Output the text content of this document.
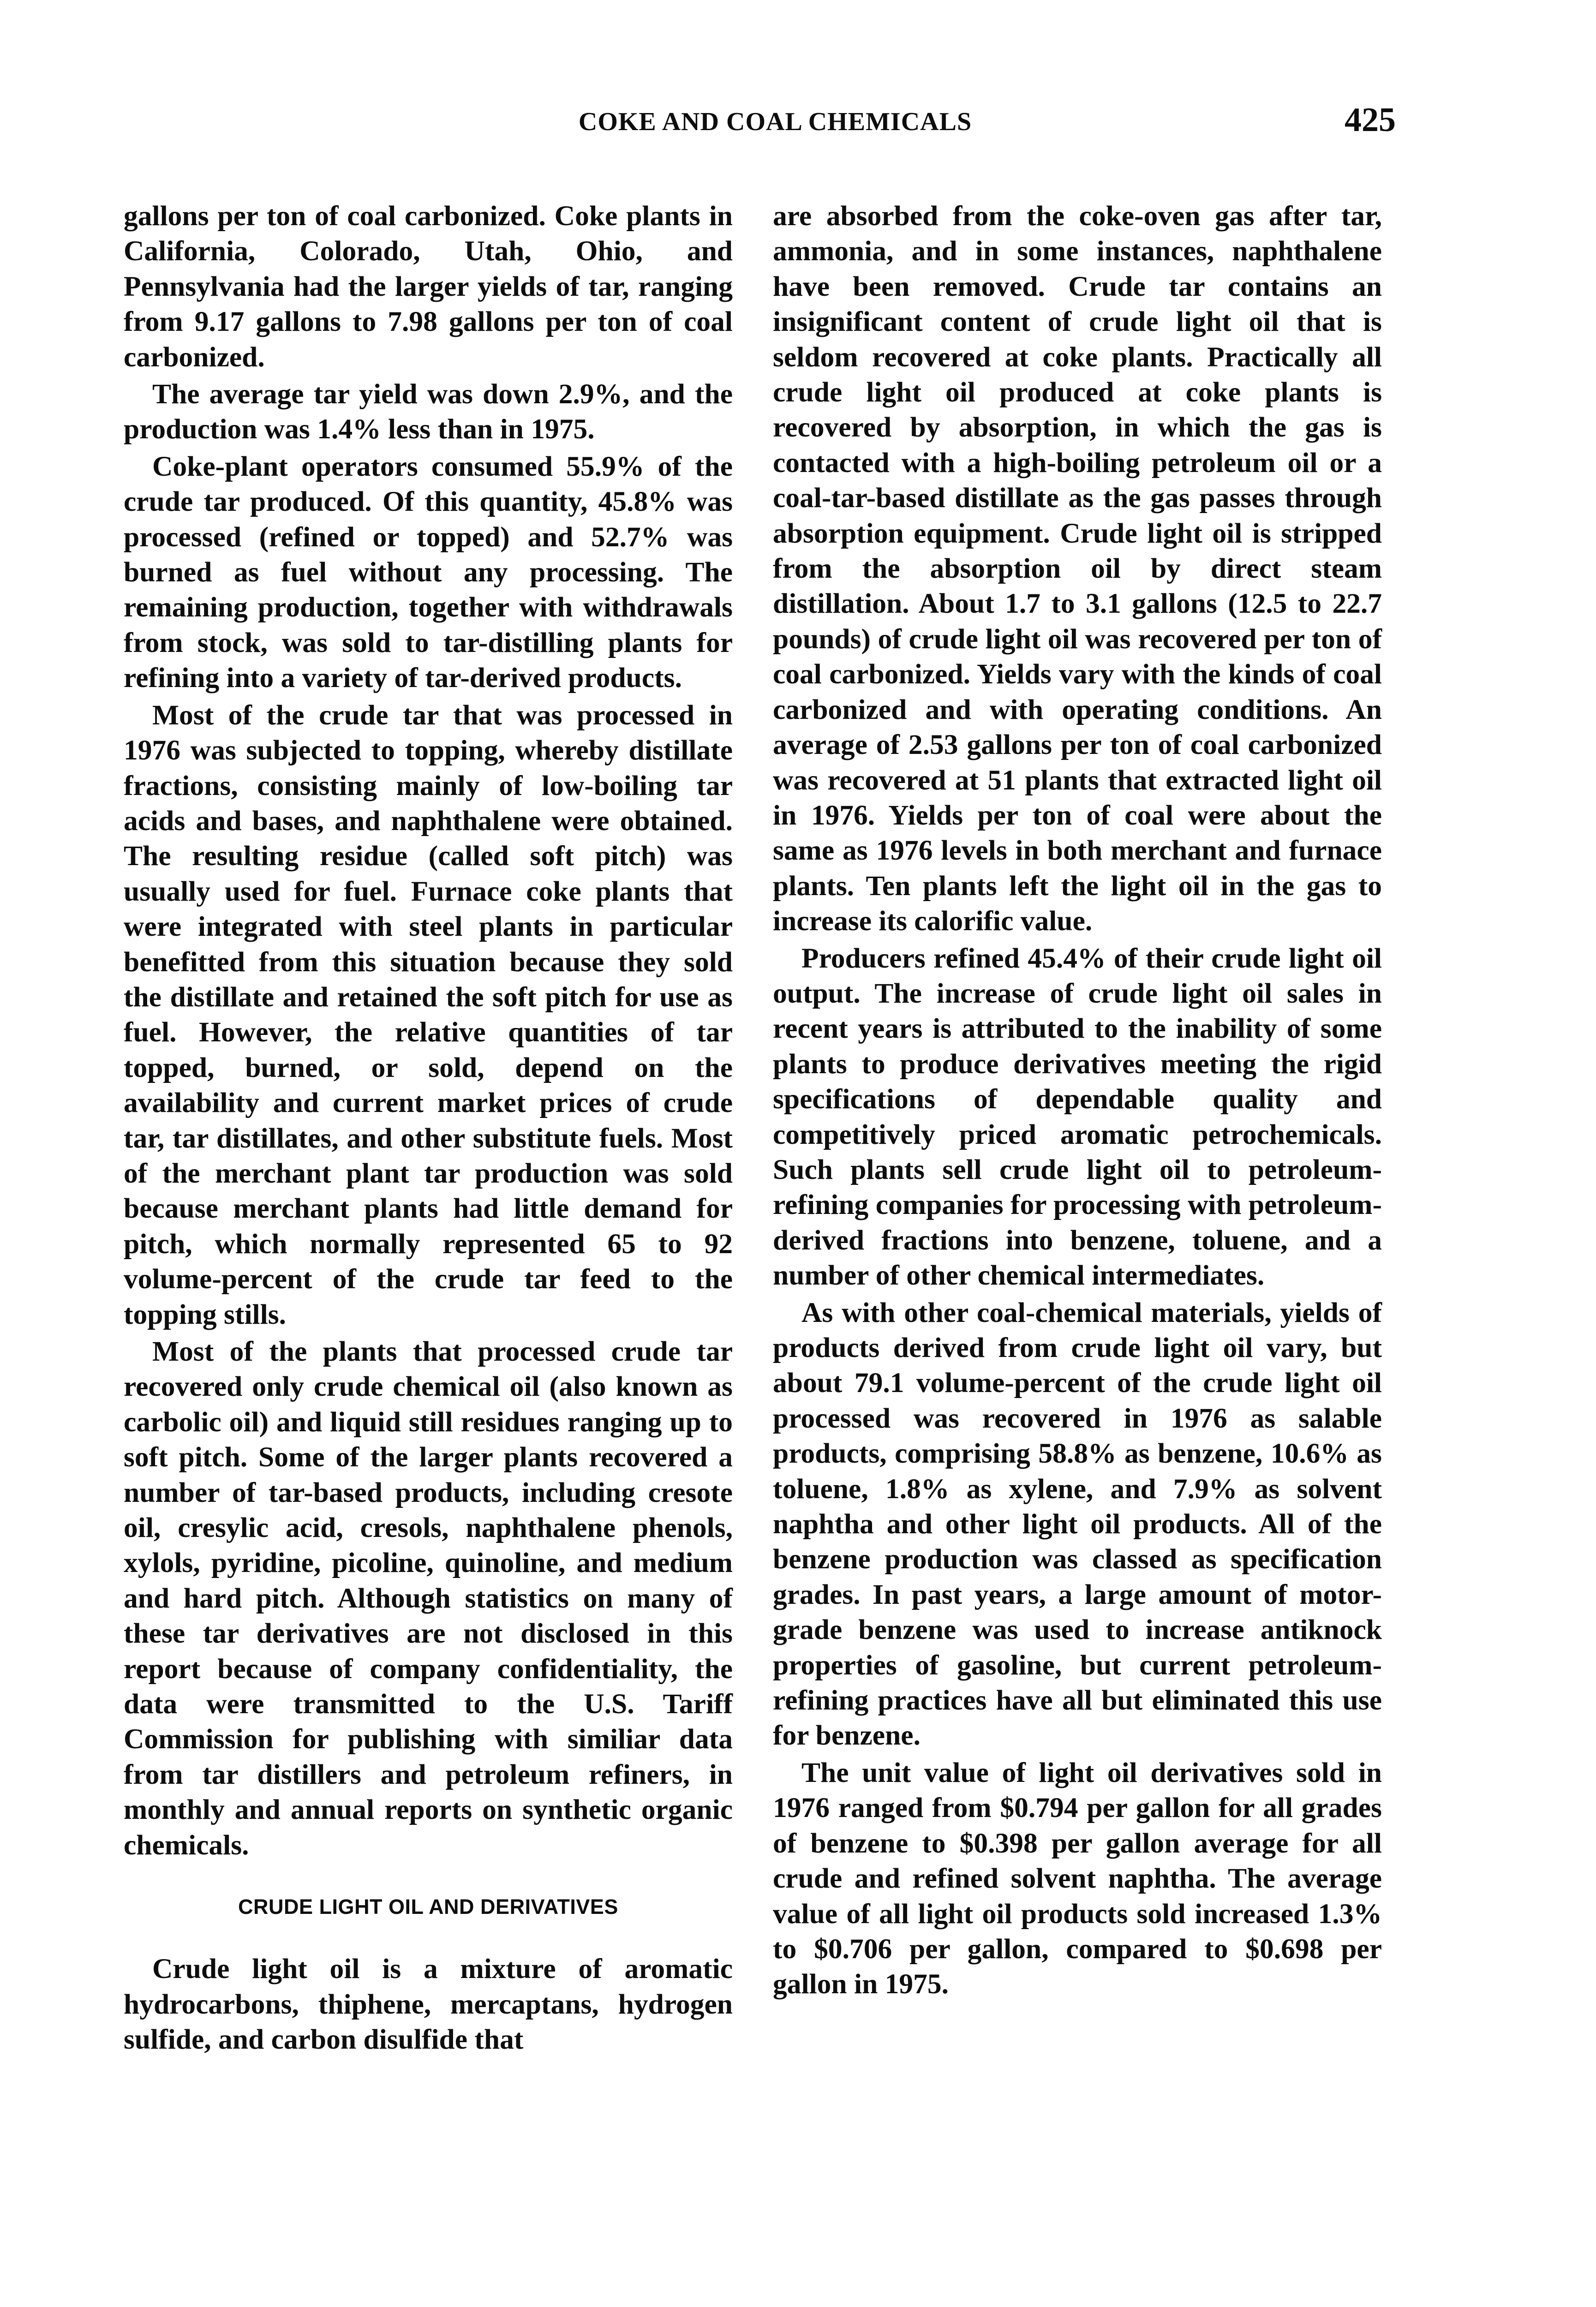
COKE AND COAL CHEMICALS	425

gallons per ton of coal carbonized. Coke plants in California, Colorado, Utah, Ohio, and Pennsylvania had the larger yields of tar, ranging from 9.17 gallons to 7.98 gallons per ton of coal carbonized.

The average tar yield was down 2.9%, and the production was 1.4% less than in 1975.

Coke-plant operators consumed 55.9% of the crude tar produced. Of this quantity, 45.8% was processed (refined or topped) and 52.7% was burned as fuel without any processing. The remaining production, together with withdrawals from stock, was sold to tar-distilling plants for refining into a variety of tar-derived products.

Most of the crude tar that was processed in 1976 was subjected to topping, whereby distillate fractions, consisting mainly of low-boiling tar acids and bases, and naphthalene were obtained. The resulting residue (called soft pitch) was usually used for fuel. Furnace coke plants that were integrated with steel plants in particular benefitted from this situation because they sold the distillate and retained the soft pitch for use as fuel. However, the relative quantities of tar topped, burned, or sold, depend on the availability and current market prices of crude tar, tar distillates, and other substitute fuels. Most of the merchant plant tar production was sold because merchant plants had little demand for pitch, which normally represented 65 to 92 volume-percent of the crude tar feed to the topping stills.

Most of the plants that processed crude tar recovered only crude chemical oil (also known as carbolic oil) and liquid still residues ranging up to soft pitch. Some of the larger plants recovered a number of tar-based products, including cresote oil, cresylic acid, cresols, naphthalene phenols, xylols, pyridine, picoline, quinoline, and medium and hard pitch. Although statistics on many of these tar derivatives are not disclosed in this report because of company confidentiality, the data were transmitted to the U.S. Tariff Commission for publishing with similiar data from tar distillers and petroleum refiners, in monthly and annual reports on synthetic organic chemicals.

CRUDE LIGHT OIL AND DERIVATIVES

Crude light oil is a mixture of aromatic hydrocarbons, thiphene, mercaptans, hydrogen sulfide, and carbon disulfide that

are absorbed from the coke-oven gas after tar, ammonia, and in some instances, naphthalene have been removed. Crude tar contains an insignificant content of crude light oil that is seldom recovered at coke plants. Practically all crude light oil produced at coke plants is recovered by absorption, in which the gas is contacted with a high-boiling petroleum oil or a coal-tar-based distillate as the gas passes through absorption equipment. Crude light oil is stripped from the absorption oil by direct steam distillation. About 1.7 to 3.1 gallons (12.5 to 22.7 pounds) of crude light oil was recovered per ton of coal carbonized. Yields vary with the kinds of coal carbonized and with operating conditions. An average of 2.53 gallons per ton of coal carbonized was recovered at 51 plants that extracted light oil in 1976. Yields per ton of coal were about the same as 1976 levels in both merchant and furnace plants. Ten plants left the light oil in the gas to increase its calorific value.

Producers refined 45.4% of their crude light oil output. The increase of crude light oil sales in recent years is attributed to the inability of some plants to produce derivatives meeting the rigid specifications of dependable quality and competitively priced aromatic petrochemicals. Such plants sell crude light oil to petroleum-refining companies for processing with petroleum-derived fractions into benzene, toluene, and a number of other chemical intermediates.

As with other coal-chemical materials, yields of products derived from crude light oil vary, but about 79.1 volume-percent of the crude light oil processed was recovered in 1976 as salable products, comprising 58.8% as benzene, 10.6% as toluene, 1.8% as xylene, and 7.9% as solvent naphtha and other light oil products. All of the benzene production was classed as specification grades. In past years, a large amount of motor-grade benzene was used to increase antiknock properties of gasoline, but current petroleum-refining practices have all but eliminated this use for benzene.

The unit value of light oil derivatives sold in 1976 ranged from $0.794 per gallon for all grades of benzene to $0.398 per gallon average for all crude and refined solvent naphtha. The average value of all light oil products sold increased 1.3% to $0.706 per gallon, compared to $0.698 per gallon in 1975.
